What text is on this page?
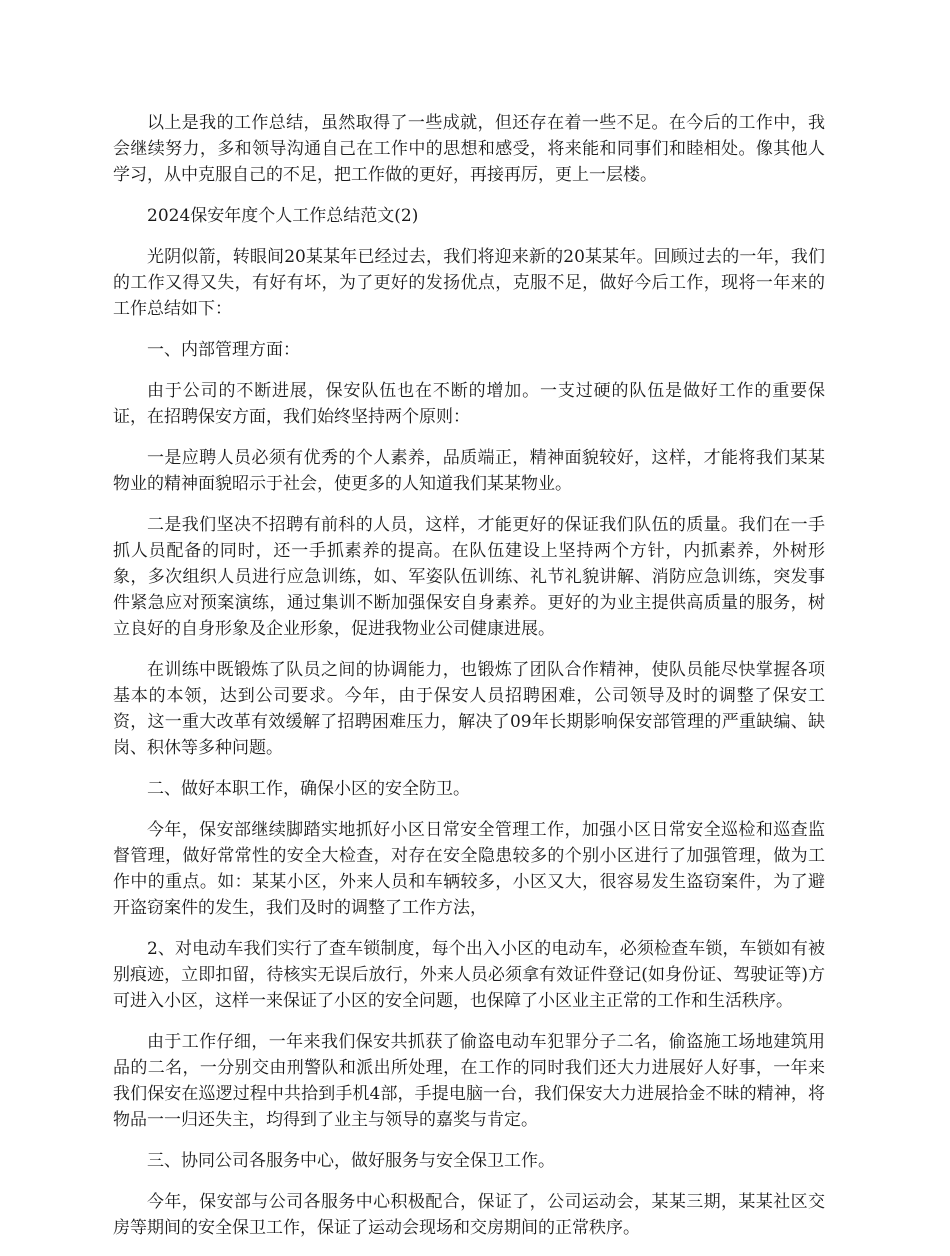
以上是我的工作总结，虽然取得了一些成就，但还存在着一些不足。在今后的工作中，我会继续努力，多和领导沟通自己在工作中的思想和感受，将来能和同事们和睦相处。像其他人学习，从中克服自己的不足，把工作做的更好，再接再厉，更上一层楼。

2024保安年度个人工作总结范文(2)

光阴似箭，转眼间20某某年已经过去，我们将迎来新的20某某年。回顾过去的一年，我们的工作又得又失，有好有坏，为了更好的发扬优点，克服不足，做好今后工作，现将一年来的工作总结如下：

一、内部管理方面：

由于公司的不断进展，保安队伍也在不断的增加。一支过硬的队伍是做好工作的重要保证，在招聘保安方面，我们始终坚持两个原则：

一是应聘人员必须有优秀的个人素养，品质端正，精神面貌较好，这样，才能将我们某某物业的精神面貌昭示于社会，使更多的人知道我们某某物业。

二是我们坚决不招聘有前科的人员，这样，才能更好的保证我们队伍的质量。我们在一手抓人员配备的同时，还一手抓素养的提高。在队伍建设上坚持两个方针，内抓素养，外树形象，多次组织人员进行应急训练，如、军姿队伍训练、礼节礼貌讲解、消防应急训练，突发事件紧急应对预案演练，通过集训不断加强保安自身素养。更好的为业主提供高质量的服务，树立良好的自身形象及企业形象，促进我物业公司健康进展。

在训练中既锻炼了队员之间的协调能力，也锻炼了团队合作精神，使队员能尽快掌握各项基本的本领，达到公司要求。今年，由于保安人员招聘困难，公司领导及时的调整了保安工资，这一重大改革有效缓解了招聘困难压力，解决了09年长期影响保安部管理的严重缺编、缺岗、积休等多种问题。

二、做好本职工作，确保小区的安全防卫。

今年，保安部继续脚踏实地抓好小区日常安全管理工作，加强小区日常安全巡检和巡查监督管理，做好常常性的安全大检查，对存在安全隐患较多的个别小区进行了加强管理，做为工作中的重点。如：某某小区，外来人员和车辆较多，小区又大，很容易发生盗窃案件，为了避开盗窃案件的发生，我们及时的调整了工作方法，

2、对电动车我们实行了查车锁制度，每个出入小区的电动车，必须检查车锁，车锁如有被别痕迹，立即扣留，待核实无误后放行，外来人员必须拿有效证件登记(如身份证、驾驶证等)方可进入小区，这样一来保证了小区的安全问题，也保障了小区业主正常的工作和生活秩序。

由于工作仔细，一年来我们保安共抓获了偷盗电动车犯罪分子二名，偷盗施工场地建筑用品的二名，一分别交由刑警队和派出所处理，在工作的同时我们还大力进展好人好事，一年来我们保安在巡逻过程中共拾到手机4部，手提电脑一台，我们保安大力进展拾金不昧的精神，将物品一一归还失主，均得到了业主与领导的嘉奖与肯定。

三、协同公司各服务中心，做好服务与安全保卫工作。

今年，保安部与公司各服务中心积极配合，保证了，公司运动会，某某三期，某某社区交房等期间的安全保卫工作，保证了运动会现场和交房期间的正常秩序。
